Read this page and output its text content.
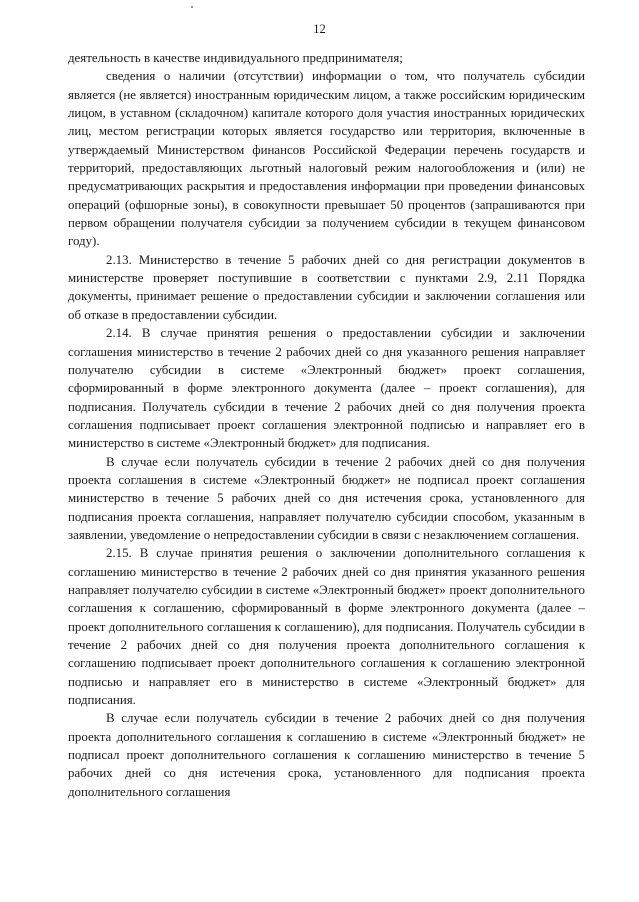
12

деятельность в качестве индивидуального предпринимателя;

сведения о наличии (отсутствии) информации о том, что получатель субсидии является (не является) иностранным юридическим лицом, а также российским юридическим лицом, в уставном (складочном) капитале которого доля участия иностранных юридических лиц, местом регистрации которых является государство или территория, включенные в утверждаемый Министерством финансов Российской Федерации перечень государств и территорий, предоставляющих льготный налоговый режим налогообложения и (или) не предусматривающих раскрытия и предоставления информации при проведении финансовых операций (офшорные зоны), в совокупности превышает 50 процентов (запрашиваются при первом обращении получателя субсидии за получением субсидии в текущем финансовом году).

2.13. Министерство в течение 5 рабочих дней со дня регистрации документов в министерстве проверяет поступившие в соответствии с пунктами 2.9, 2.11 Порядка документы, принимает решение о предоставлении субсидии и заключении соглашения или об отказе в предоставлении субсидии.

2.14. В случае принятия решения о предоставлении субсидии и заключении соглашения министерство в течение 2 рабочих дней со дня указанного решения направляет получателю субсидии в системе «Электронный бюджет» проект соглашения, сформированный в форме электронного документа (далее – проект соглашения), для подписания. Получатель субсидии в течение 2 рабочих дней со дня получения проекта соглашения подписывает проект соглашения электронной подписью и направляет его в министерство в системе «Электронный бюджет» для подписания.

В случае если получатель субсидии в течение 2 рабочих дней со дня получения проекта соглашения в системе «Электронный бюджет» не подписал проект соглашения министерство в течение 5 рабочих дней со дня истечения срока, установленного для подписания проекта соглашения, направляет получателю субсидии способом, указанным в заявлении, уведомление о непредоставлении субсидии в связи с незаключением соглашения.

2.15. В случае принятия решения о заключении дополнительного соглашения к соглашению министерство в течение 2 рабочих дней со дня принятия указанного решения направляет получателю субсидии в системе «Электронный бюджет» проект дополнительного соглашения к соглашению, сформированный в форме электронного документа (далее – проект дополнительного соглашения к соглашению), для подписания. Получатель субсидии в течение 2 рабочих дней со дня получения проекта дополнительного соглашения к соглашению подписывает проект дополнительного соглашения к соглашению электронной подписью и направляет его в министерство в системе «Электронный бюджет» для подписания.

В случае если получатель субсидии в течение 2 рабочих дней со дня получения проекта дополнительного соглашения к соглашению в системе «Электронный бюджет» не подписал проект дополнительного соглашения к соглашению министерство в течение 5 рабочих дней со дня истечения срока, установленного для подписания проекта дополнительного соглашения
